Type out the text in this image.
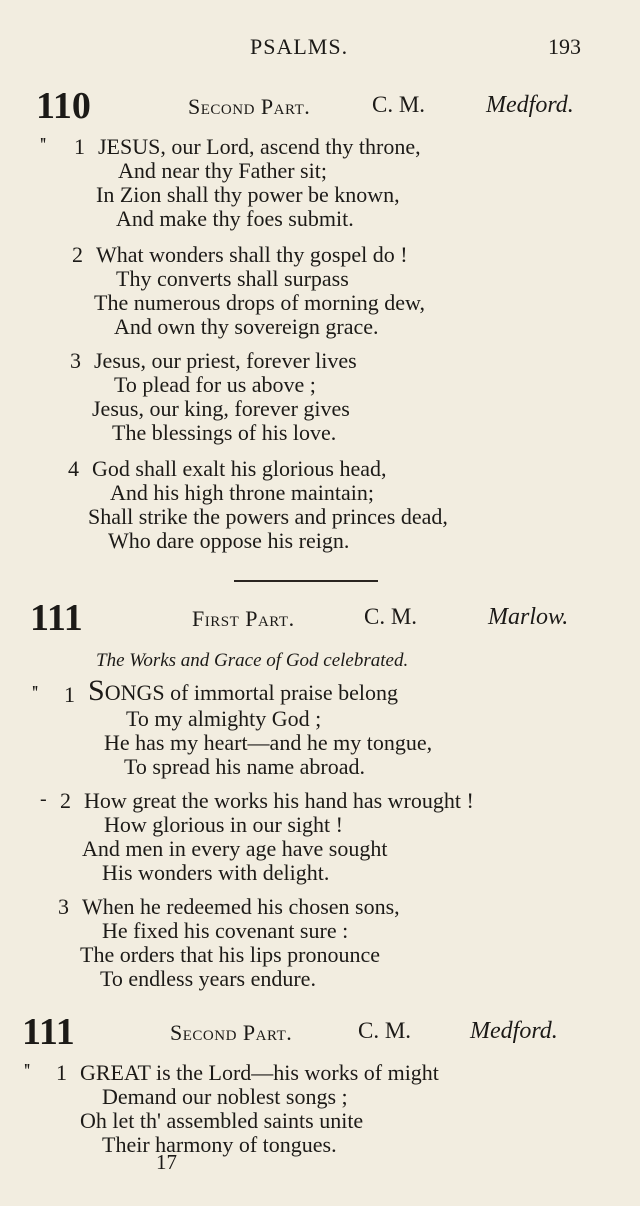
PSALMS.	193
110	Second Part.	C. M.	Medford.
'' 1 JESUS, our Lord, ascend thy throne,
And near thy Father sit;
In Zion shall thy power be known,
And make thy foes submit.
2 What wonders shall thy gospel do !
Thy converts shall surpass
The numerous drops of morning dew,
And own thy sovereign grace.
3 Jesus, our priest, forever lives
To plead for us above ;
Jesus, our king, forever gives
The blessings of his love.
4 God shall exalt his glorious head,
And his high throne maintain;
Shall strike the powers and princes dead,
Who dare oppose his reign.
111	First Part.	C. M.	Marlow.
The Works and Grace of God celebrated.
'' 1 SONGS of immortal praise belong
To my almighty God ;
He has my heart—and he my tongue,
To spread his name abroad.
- 2 How great the works his hand has wrought !
How glorious in our sight !
And men in every age have sought
His wonders with delight.
3 When he redeemed his chosen sons,
He fixed his covenant sure :
The orders that his lips pronounce
To endless years endure.
111	Second Part.	C. M. Medford.
'' 1 GREAT is the Lord—his works of might
Demand our noblest songs ;
Oh let th' assembled saints unite
Their harmony of tongues.
17
